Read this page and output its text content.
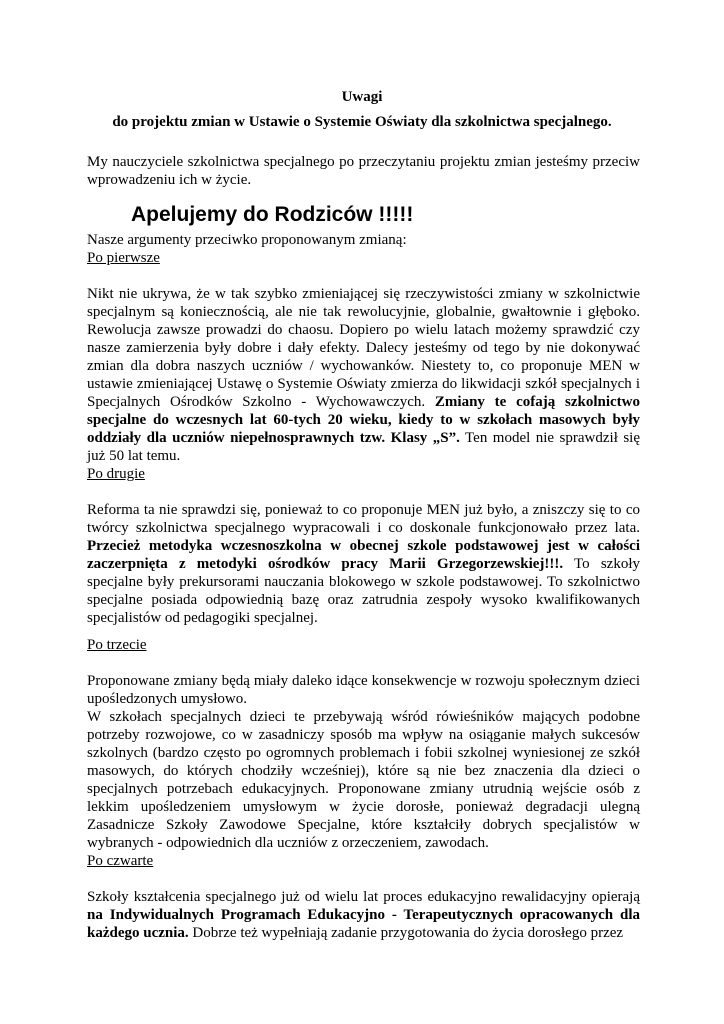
Uwagi

do projektu zmian w Ustawie o Systemie Oświaty dla szkolnictwa specjalnego.

My nauczyciele szkolnictwa specjalnego po przeczytaniu projektu zmian jesteśmy przeciw wprowadzeniu ich w życie.

Apelujemy do Rodziców !!!!!

Nasze argumenty przeciwko proponowanym zmianą:

Po pierwsze

Nikt nie ukrywa, że w tak szybko zmieniającej się rzeczywistości zmiany w szkolnictwie specjalnym są koniecznością, ale nie tak rewolucyjnie, globalnie, gwałtownie i głęboko. Rewolucja zawsze prowadzi do chaosu. Dopiero po wielu latach możemy sprawdzić czy nasze zamierzenia były dobre i dały efekty. Dalecy jesteśmy od tego by nie dokonywać zmian dla dobra naszych uczniów / wychowanków. Niestety to, co proponuje MEN w ustawie zmieniającej Ustawę o Systemie Oświaty zmierza do likwidacji szkół specjalnych i Specjalnych Ośrodków Szkolno - Wychowawczych. Zmiany te cofają szkolnictwo specjalne do wczesnych lat 60-tych 20 wieku, kiedy to w szkołach masowych były oddziały dla uczniów niepełnosprawnych tzw. Klasy „S”. Ten model nie sprawdził się już 50 lat temu.

Po drugie

Reforma ta nie sprawdzi się, ponieważ to co proponuje MEN już było, a zniszczy się to co twórcy szkolnictwa specjalnego wypracowali i co doskonale funkcjonowało przez lata. Przecież metodyka wczesnoszkolna w obecnej szkole podstawowej jest w całości zaczerpnięta z metodyki ośrodków pracy Marii Grzegorzewskiej!!!. To szkoły specjalne były prekursorami nauczania blokowego w szkole podstawowej. To szkolnictwo specjalne posiada odpowiednią bazę oraz zatrudnia zespoły wysoko kwalifikowanych specjalistów od pedagogiki specjalnej.

Po trzecie

Proponowane zmiany będą miały daleko idące konsekwencje w rozwoju społecznym dzieci upośledzonych umysłowo.

W szkołach specjalnych dzieci te przebywają wśród rówieśników mających podobne potrzeby rozwojowe, co w zasadniczy sposób ma wpływ na osiąganie małych sukcesów szkolnych (bardzo często po ogromnych problemach i fobii szkolnej wyniesionej ze szkół masowych, do których chodziły wcześniej), które są nie bez znaczenia dla dzieci o specjalnych potrzebach edukacyjnych. Proponowane zmiany utrudnią wejście osób z lekkim upośledzeniem umysłowym w życie dorosłe, ponieważ degradacji ulegną Zasadnicze Szkoły Zawodowe Specjalne, które kształciły dobrych specjalistów w wybranych - odpowiednich dla uczniów z orzeczeniem, zawodach.

Po czwarte

Szkoły kształcenia specjalnego już od wielu lat proces edukacyjno rewalidacyjny opierają na Indywidualnych Programach Edukacyjno - Terapeutycznych opracowanych dla każdego ucznia. Dobrze też wypełniają zadanie przygotowania do życia dorosłego przez
